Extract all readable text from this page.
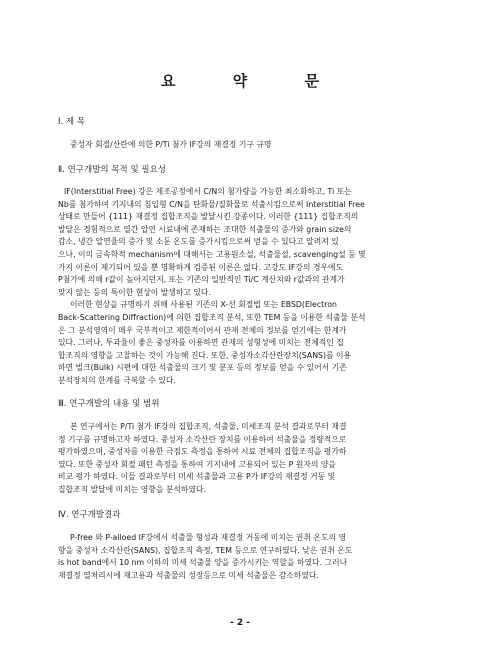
요 약 문

Ⅰ. 제 목

중성자 회절/산란에 의한 P/Ti 첨가 IF강의 재결정 기구 규명

Ⅱ. 연구개발의 목적 및 필요성

IF(Interstitial Free) 강은 제조공정에서 C/N의 첨가량을 가능한 최소화하고, Ti 또는
Nb를 첨가하여 기지내의 침입형 C/N을 탄화물/질화물로 석출시킴으로써 Interstitial Free
상태로 만들어 {111} 재결정 집합조직을 발달시킨 강종이다. 이러한 {111} 집합조직의
발달은 경험적으로 열간 압연 시료내에 존재하는 조대한 석출물의 증가와 grain size의
감소, 냉간 압연율의 증가 및 소둔 온도를 증가시킴으로써 얻을 수 있다고 알려져 있
으나, 이의 금속학적 mechanism에 대해서는 고용원소설, 석출물설, scavenging설 등 몇
가지 이론이 제기되어 있을 뿐 명확하게 검증된 이론은 없다. 고강도 IF강의 경우에도
P첨가에 의해 r값이 높아지던지, 또는 기존의 일반적인 Ti/C 계산치와 r값과의 관계가
맞지 않는 등의 특이한 현상이 발생하고 있다.
이러한 현상을 규명하기 위해 사용된 기존의 X-선 회절법 또는 EBSD(Electron
Back-Scattering Diffraction)에 의한 집합조직 분석, 또한 TEM 등을 이용한 석출물 분석
은 그 분석영역이 매우 국부적이고 제한적이어서 관재 전체의 정보를 얻기에는 한계가
있다. 그러나, 투과율이 좋은 중성자를 이용하면 관재의 성형성에 미치는 전체적인 집
합조직의 영향을 고찰하는 것이 가능해 진다. 또한, 중성자소각산란장치(SANS)를 이용
하면 벌크(Bulk) 시편에 대한 석출물의 크기 및 분포 등의 정보를 얻을 수 있어서 기존
분석장치의 한계를 극복할 수 있다.

Ⅲ. 연구개발의 내용 및 범위

본 연구에서는 P/Ti 첨가 IF강의 집합조직, 석출물, 미세조직 분석 결과로부터 재결
정 기구를 규명하고자 하였다. 중성자 소각산란 장치를 이용하여 석출물을 정량적으로
평가하였으며, 중성자를 이용한 극점도 측정을 통하여 시료 전체의 집합조직을 평가하
였다. 또한 중성자 회절 패턴 측정을 통하여 기지내에 고용되어 있는 P 원자의 양을
비교 평가 하였다. 이들 결과로부터 미세 석출물과 고용 P가 IF강의 재결정 거동 및
집합조직 발달에 미치는 영향을 분석하였다.

Ⅳ. 연구개발결과

P-free 와 P-alloed IF강에서 석출물 형성과 재결정 거동에 미치는 권취 온도의 영
향을 중성자 소각산란(SANS), 집합조직 측정, TEM 등으로 연구하였다. 낮은 권취 온도
is hot band에서 10 nm 이하의 미세 석출물 양을 증가시키는 역할을 하였다. 그러나
재결정 열처리시에 재고용과 석출물의 성장등으로 미세 석출물은 감소하였다.

- 2 -
